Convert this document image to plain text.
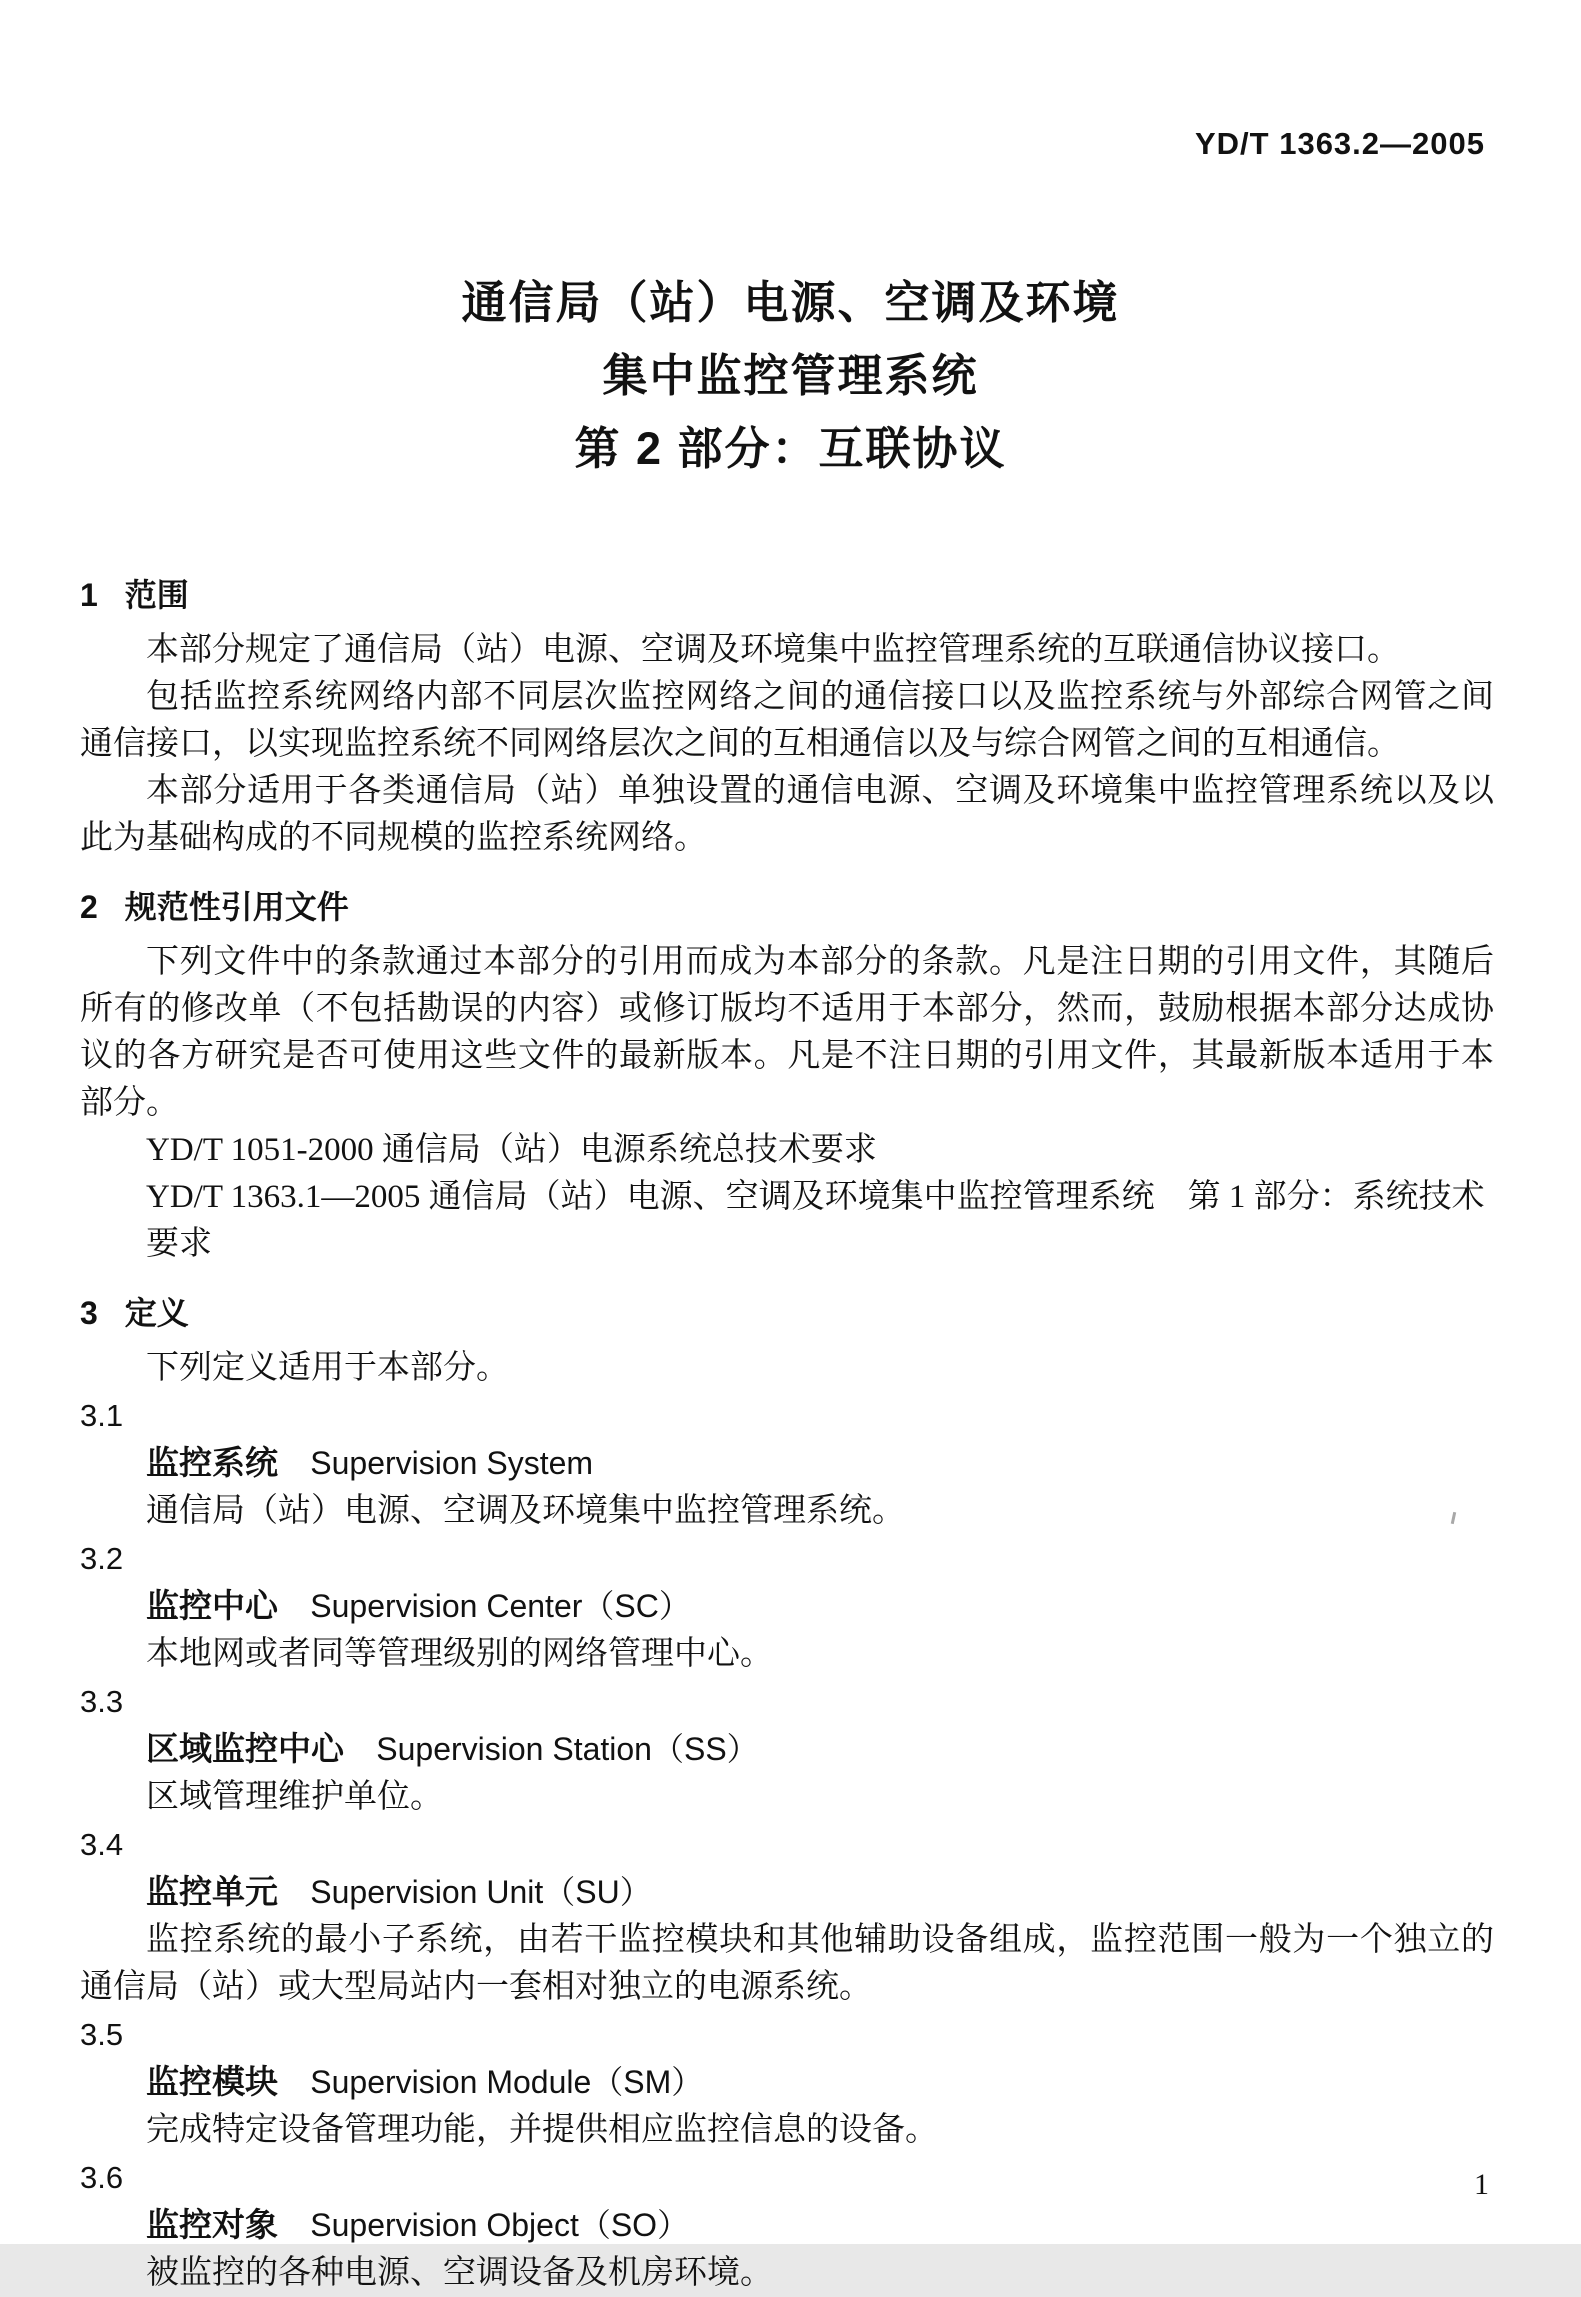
YD/T 1363.2—2005
通信局（站）电源、空调及环境
集中监控管理系统
第 2 部分：互联协议
1 范围

本部分规定了通信局（站）电源、空调及环境集中监控管理系统的互联通信协议接口。

包括监控系统网络内部不同层次监控网络之间的通信接口以及监控系统与外部综合网管之间通信接口，以实现监控系统不同网络层次之间的互相通信以及与综合网管之间的互相通信。

本部分适用于各类通信局（站）单独设置的通信电源、空调及环境集中监控管理系统以及以此为基础构成的不同规模的监控系统网络。

2 规范性引用文件

下列文件中的条款通过本部分的引用而成为本部分的条款。凡是注日期的引用文件，其随后所有的修改单（不包括勘误的内容）或修订版均不适用于本部分，然而，鼓励根据本部分达成协议的各方研究是否可使用这些文件的最新版本。凡是不注日期的引用文件，其最新版本适用于本部分。

YD/T 1051-2000 通信局（站）电源系统总技术要求

YD/T 1363.1—2005 通信局（站）电源、空调及环境集中监控管理系统　第 1 部分：系统技术要求

3 定义

下列定义适用于本部分。

3.1
监控系统 Supervision System

通信局（站）电源、空调及环境集中监控管理系统。

3.2
监控中心 Supervision Center（SC）

本地网或者同等管理级别的网络管理中心。

3.3
区域监控中心 Supervision Station（SS）

区域管理维护单位。

3.4
监控单元 Supervision Unit（SU）

监控系统的最小子系统，由若干监控模块和其他辅助设备组成，监控范围一般为一个独立的通信局（站）或大型局站内一套相对独立的电源系统。

3.5
监控模块 Supervision Module（SM）

完成特定设备管理功能，并提供相应监控信息的设备。

3.6
监控对象 Supervision Object（SO）

被监控的各种电源、空调设备及机房环境。

1
